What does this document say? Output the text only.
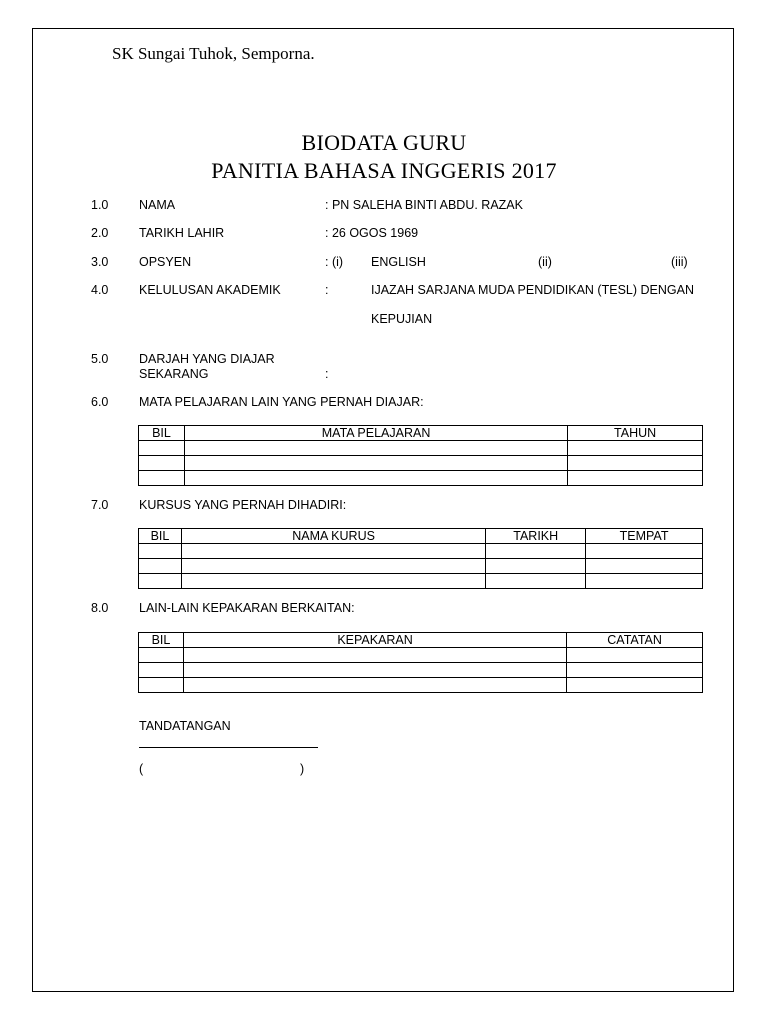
SK Sungai Tuhok, Semporna.
BIODATA GURU
PANITIA BAHASA INGGERIS 2017
1.0 NAMA	: PN SALEHA BINTI ABDU. RAZAK
2.0 TARIKH LAHIR	: 26 OGOS 1969
3.0 OPSYEN	: (i) ENGLISH	(ii)	(iii)
4.0 KELULUSAN AKADEMIK	:	IJAZAH SARJANA MUDA PENDIDIKAN (TESL) DENGAN
KEPUJIAN
5.0 DARJAH YANG DIAJAR
SEKARANG	:
6.0 MATA PELAJARAN LAIN YANG PERNAH DIAJAR:
BIL	MATA PELAJARAN	TAHUN

7.0 KURSUS YANG PERNAH DIHADIRI:
BIL	NAMA KURUS	TARIKH	TEMPAT

8.0 LAIN-LAIN KEPAKARAN BERKAITAN:
BIL	KEPAKARAN	CATATAN

TANDATANGAN
(	)
